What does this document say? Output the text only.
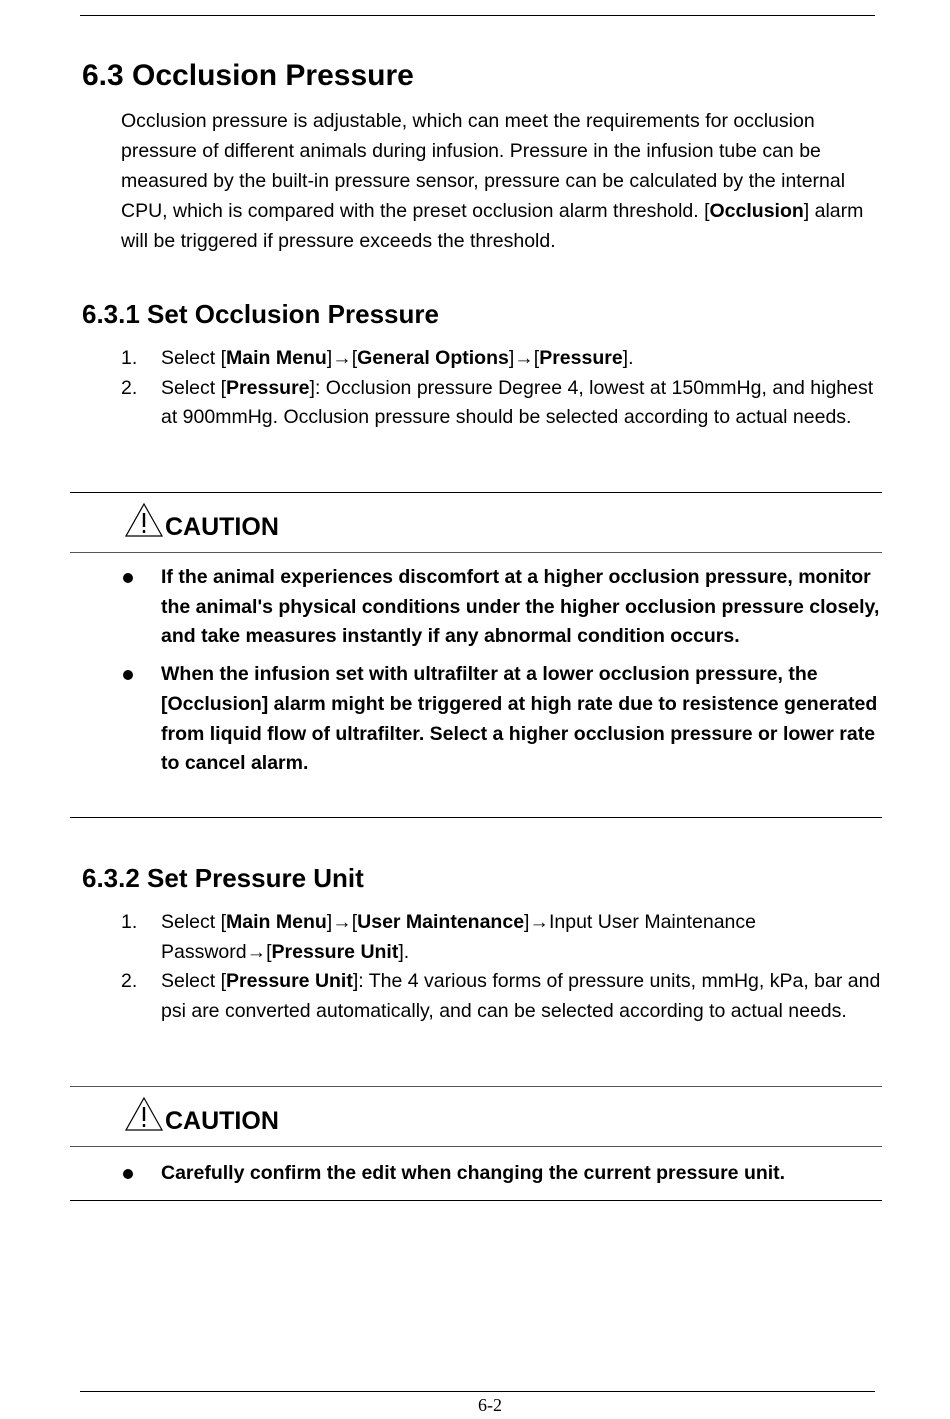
6.3 Occlusion Pressure

Occlusion pressure is adjustable, which can meet the requirements for occlusion pressure of different animals during infusion. Pressure in the infusion tube can be measured by the built-in pressure sensor, pressure can be calculated by the internal CPU, which is compared with the preset occlusion alarm threshold. [Occlusion] alarm will be triggered if pressure exceeds the threshold.

6.3.1 Set Occlusion Pressure
1. Select [Main Menu]→[General Options]→[Pressure].
2. Select [Pressure]: Occlusion pressure Degree 4, lowest at 150mmHg, and highest at 900mmHg. Occlusion pressure should be selected according to actual needs.
CAUTION
If the animal experiences discomfort at a higher occlusion pressure, monitor the animal's physical conditions under the higher occlusion pressure closely, and take measures instantly if any abnormal condition occurs.
When the infusion set with ultrafilter at a lower occlusion pressure, the [Occlusion] alarm might be triggered at high rate due to resistence generated from liquid flow of ultrafilter. Select a higher occlusion pressure or lower rate to cancel alarm.
6.3.2 Set Pressure Unit
1. Select [Main Menu]→[User Maintenance]→Input User Maintenance Password→[Pressure Unit].
2. Select [Pressure Unit]: The 4 various forms of pressure units, mmHg, kPa, bar and psi are converted automatically, and can be selected according to actual needs.
CAUTION
Carefully confirm the edit when changing the current pressure unit.
6-2
